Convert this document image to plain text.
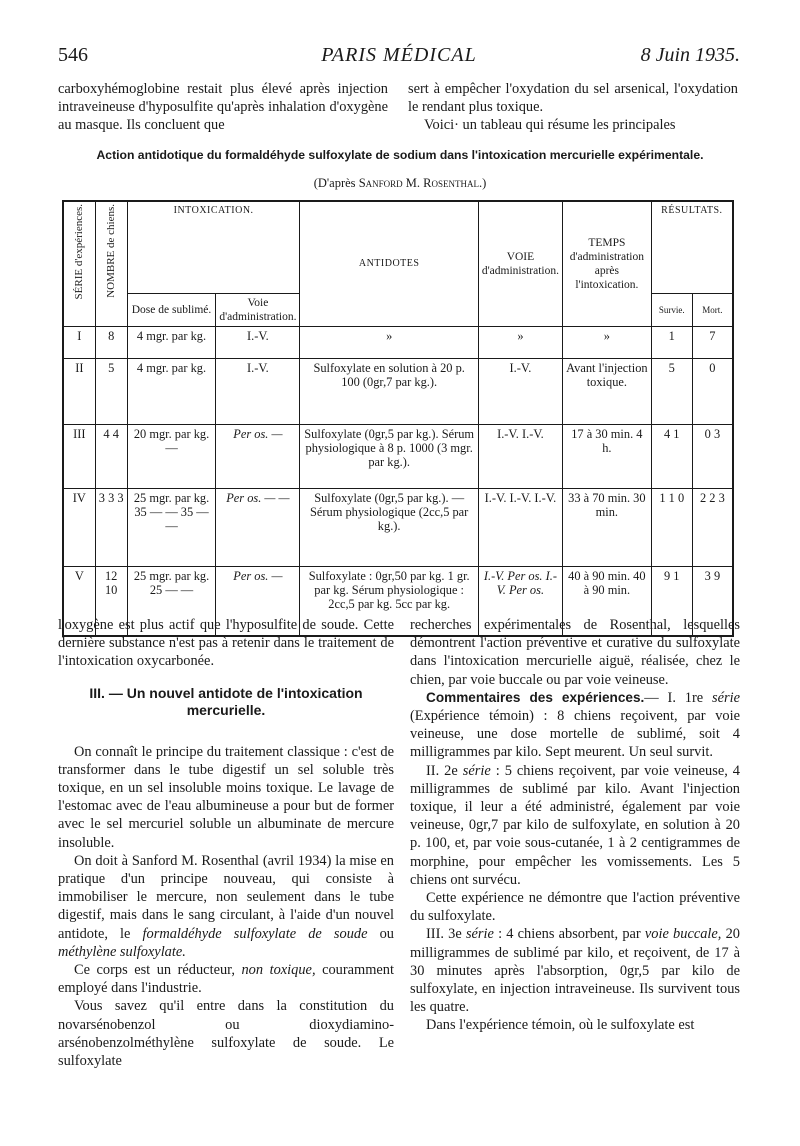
546	PARIS MÉDICAL	8 Juin 1935.

carboxyhémoglobine restait plus élevé après injection intraveineuse d'hyposulfite qu'après inhalation d'oxygène au masque. Ils concluent que

sert à empêcher l'oxydation du sel arsenical, l'oxydation le rendant plus toxique.

Voici· un tableau qui résume les principales

Action antidotique du formaldéhyde sulfoxylate de sodium dans l'intoxication mercurielle expérimentale.
(D'après Sanford M. Rosenthal.)
SÉRIE d'expériences.	NOMBRE de chiens.	INTOXICATION.		ANTIDOTES	VOIE d'administration.	TEMPS d'administration après l'intoxication.	RÉSULTATS.	
		Dose de sublimé.	Voie d'administration.				Survie.	Mort.
I	8	4 mgr. par kg.	I.-V.	»	»	»	1	7
II	5	4 mgr. par kg.	I.-V.	Sulfoxylate en solution à 20 p. 100 (0gr,7 par kg.).	I.-V.	Avant l'injection toxique.	5	0
III	4 4	20 mgr. par kg. —	Per os. —	Sulfoxylate (0gr,5 par kg.). Sérum physiologique à 8 p. 1000 (3 mgr. par kg.).	I.-V. I.-V.	17 à 30 min. 4 h.	4 1	0 3
IV	3 3 3	25 mgr. par kg. 35 — — 35 — —	Per os. — —	Sulfoxylate (0gr,5 par kg.). — Sérum physiologique (2cc,5 par kg.).	I.-V. I.-V. I.-V.	33 à 70 min. 30 min.	1 1 0	2 2 3
V	12 10	25 mgr. par kg. 25 — —	Per os. —	Sulfoxylate : 0gr,50 par kg. 1 gr. par kg. Sérum physiologique : 2cc,5 par kg. 5cc par kg.	I.-V. Per os. I.-V. Per os.	40 à 90 min. 40 à 90 min.	9 1	3 9

l'oxygène est plus actif que l'hyposulfite de soude. Cette dernière substance n'est pas à retenir dans le traitement de l'intoxication oxycarbonée.

III. — Un nouvel antidote de l'intoxication mercurielle.

On connaît le principe du traitement classique : c'est de transformer dans le tube digestif un sel soluble très toxique, en un sel insoluble moins toxique. Le lavage de l'estomac avec de l'eau albumineuse a pour but de former avec le sel mercuriel soluble un albuminate de mercure insoluble.

On doit à Sanford M. Rosenthal (avril 1934) la mise en pratique d'un principe nouveau, qui consiste à immobiliser le mercure, non seulement dans le tube digestif, mais dans le sang circulant, à l'aide d'un nouvel antidote, le formaldéhyde sulfoxylate de soude ou méthylène sulfoxylate.

Ce corps est un réducteur, non toxique, couramment employé dans l'industrie.

Vous savez qu'il entre dans la constitution du novarsénobenzol ou dioxydiamino-arsénobenzolméthylène sulfoxylate de soude. Le sulfoxylate

recherches expérimentales de Rosenthal, lesquelles démontrent l'action préventive et curative du sulfoxylate dans l'intoxication mercurielle aiguë, réalisée, chez le chien, par voie buccale ou par voie veineuse.

Commentaires des expériences.— I. 1re série (Expérience témoin) : 8 chiens reçoivent, par voie veineuse, une dose mortelle de sublimé, soit 4 milligrammes par kilo. Sept meurent. Un seul survit.

II. 2e série : 5 chiens reçoivent, par voie veineuse, 4 milligrammes de sublimé par kilo. Avant l'injection toxique, il leur a été administré, également par voie veineuse, 0gr,7 par kilo de sulfoxylate, en solution à 20 p. 100, et, par voie sous-cutanée, 1 à 2 centigrammes de morphine, pour empêcher les vomissements. Les 5 chiens ont survécu.

Cette expérience ne démontre que l'action préventive du sulfoxylate.

III. 3e série : 4 chiens absorbent, par voie buccale, 20 milligrammes de sublimé par kilo, et reçoivent, de 17 à 30 minutes après l'absorption, 0gr,5 par kilo de sulfoxylate, en injection intraveineuse. Ils survivent tous les quatre.

Dans l'expérience témoin, où le sulfoxylate est
